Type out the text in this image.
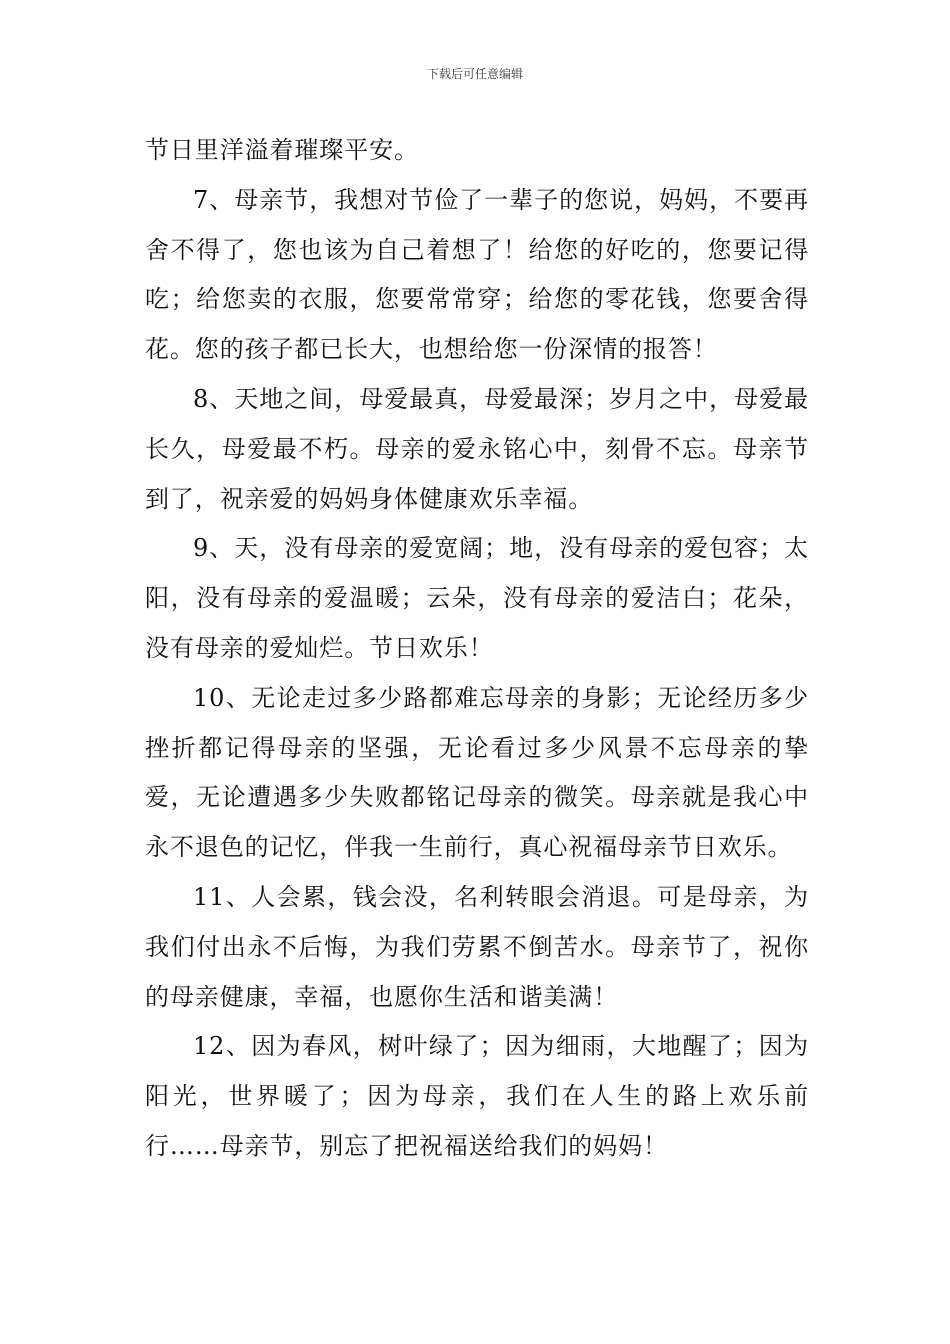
下载后可任意编辑

节日里洋溢着璀璨平安。

7、母亲节，我想对节俭了一辈子的您说，妈妈，不要再舍不得了，您也该为自己着想了！给您的好吃的，您要记得吃；给您卖的衣服，您要常常穿；给您的零花钱，您要舍得花。您的孩子都已长大，也想给您一份深情的报答！

8、天地之间，母爱最真，母爱最深；岁月之中，母爱最长久，母爱最不朽。母亲的爱永铭心中，刻骨不忘。母亲节到了，祝亲爱的妈妈身体健康欢乐幸福。

9、天，没有母亲的爱宽阔；地，没有母亲的爱包容；太阳，没有母亲的爱温暖；云朵，没有母亲的爱洁白；花朵，没有母亲的爱灿烂。节日欢乐！

10、无论走过多少路都难忘母亲的身影；无论经历多少挫折都记得母亲的坚强，无论看过多少风景不忘母亲的挚爱，无论遭遇多少失败都铭记母亲的微笑。母亲就是我心中永不退色的记忆，伴我一生前行，真心祝福母亲节日欢乐。

11、人会累，钱会没，名利转眼会消退。可是母亲，为我们付出永不后悔，为我们劳累不倒苦水。母亲节了，祝你的母亲健康，幸福，也愿你生活和谐美满！

12、因为春风，树叶绿了；因为细雨，大地醒了；因为阳光，世界暖了；因为母亲，我们在人生的路上欢乐前行……母亲节，别忘了把祝福送给我们的妈妈！
